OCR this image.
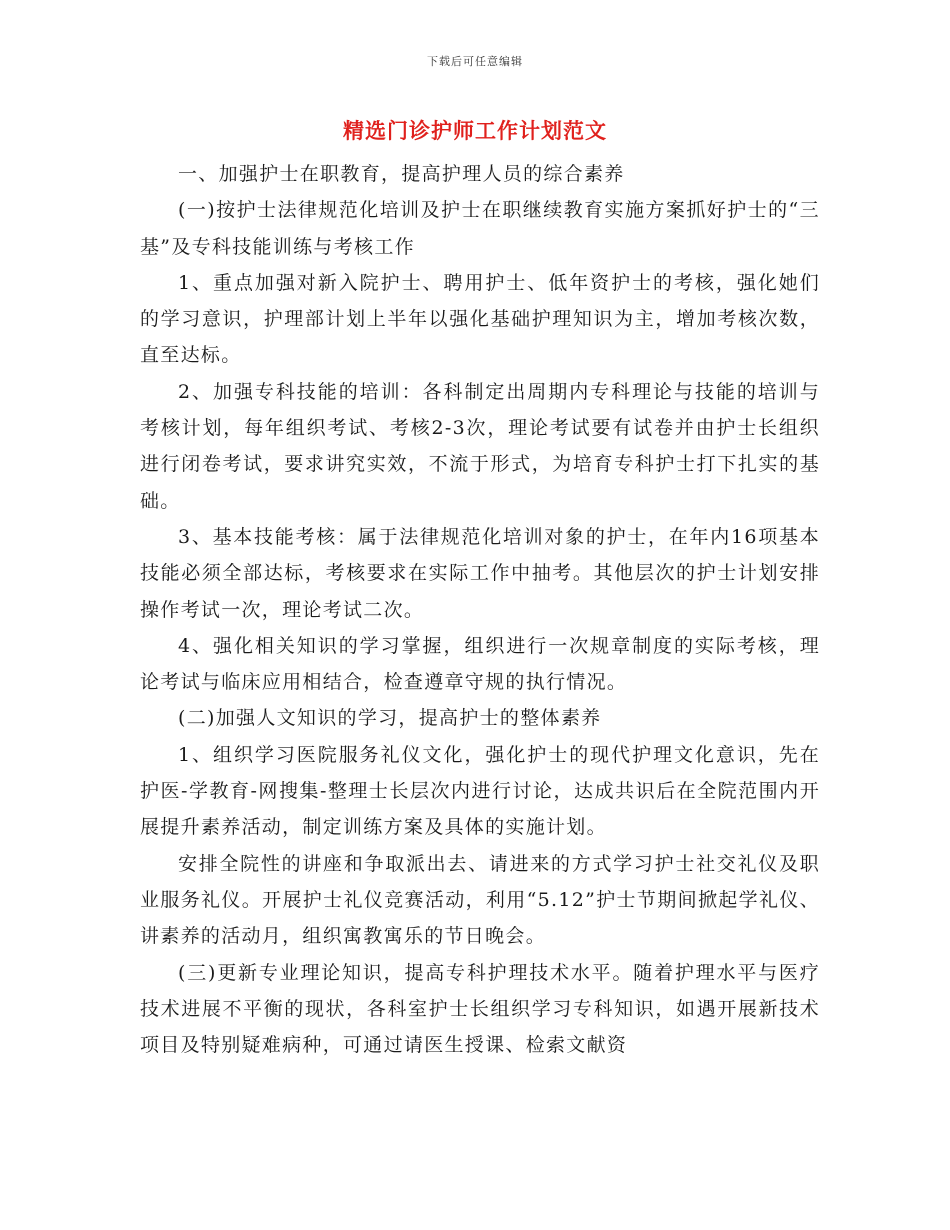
下载后可任意编辑
精选门诊护师工作计划范文

一、加强护士在职教育，提高护理人员的综合素养

(一)按护士法律规范化培训及护士在职继续教育实施方案抓好护士的“三基”及专科技能训练与考核工作

1、重点加强对新入院护士、聘用护士、低年资护士的考核，强化她们的学习意识，护理部计划上半年以强化基础护理知识为主，增加考核次数，直至达标。

2、加强专科技能的培训：各科制定出周期内专科理论与技能的培训与考核计划，每年组织考试、考核2-3次，理论考试要有试卷并由护士长组织进行闭卷考试，要求讲究实效，不流于形式，为培育专科护士打下扎实的基础。

3、基本技能考核：属于法律规范化培训对象的护士，在年内16项基本技能必须全部达标，考核要求在实际工作中抽考。其他层次的护士计划安排操作考试一次，理论考试二次。

4、强化相关知识的学习掌握，组织进行一次规章制度的实际考核，理论考试与临床应用相结合，检查遵章守规的执行情况。

(二)加强人文知识的学习，提高护士的整体素养

1、组织学习医院服务礼仪文化，强化护士的现代护理文化意识，先在护医-学教育-网搜集-整理士长层次内进行讨论，达成共识后在全院范围内开展提升素养活动，制定训练方案及具体的实施计划。

安排全院性的讲座和争取派出去、请进来的方式学习护士社交礼仪及职业服务礼仪。开展护士礼仪竞赛活动，利用“5.12”护士节期间掀起学礼仪、讲素养的活动月，组织寓教寓乐的节日晚会。

(三)更新专业理论知识，提高专科护理技术水平。随着护理水平与医疗技术进展不平衡的现状，各科室护士长组织学习专科知识，如遇开展新技术项目及特别疑难病种，可通过请医生授课、检索文献资
